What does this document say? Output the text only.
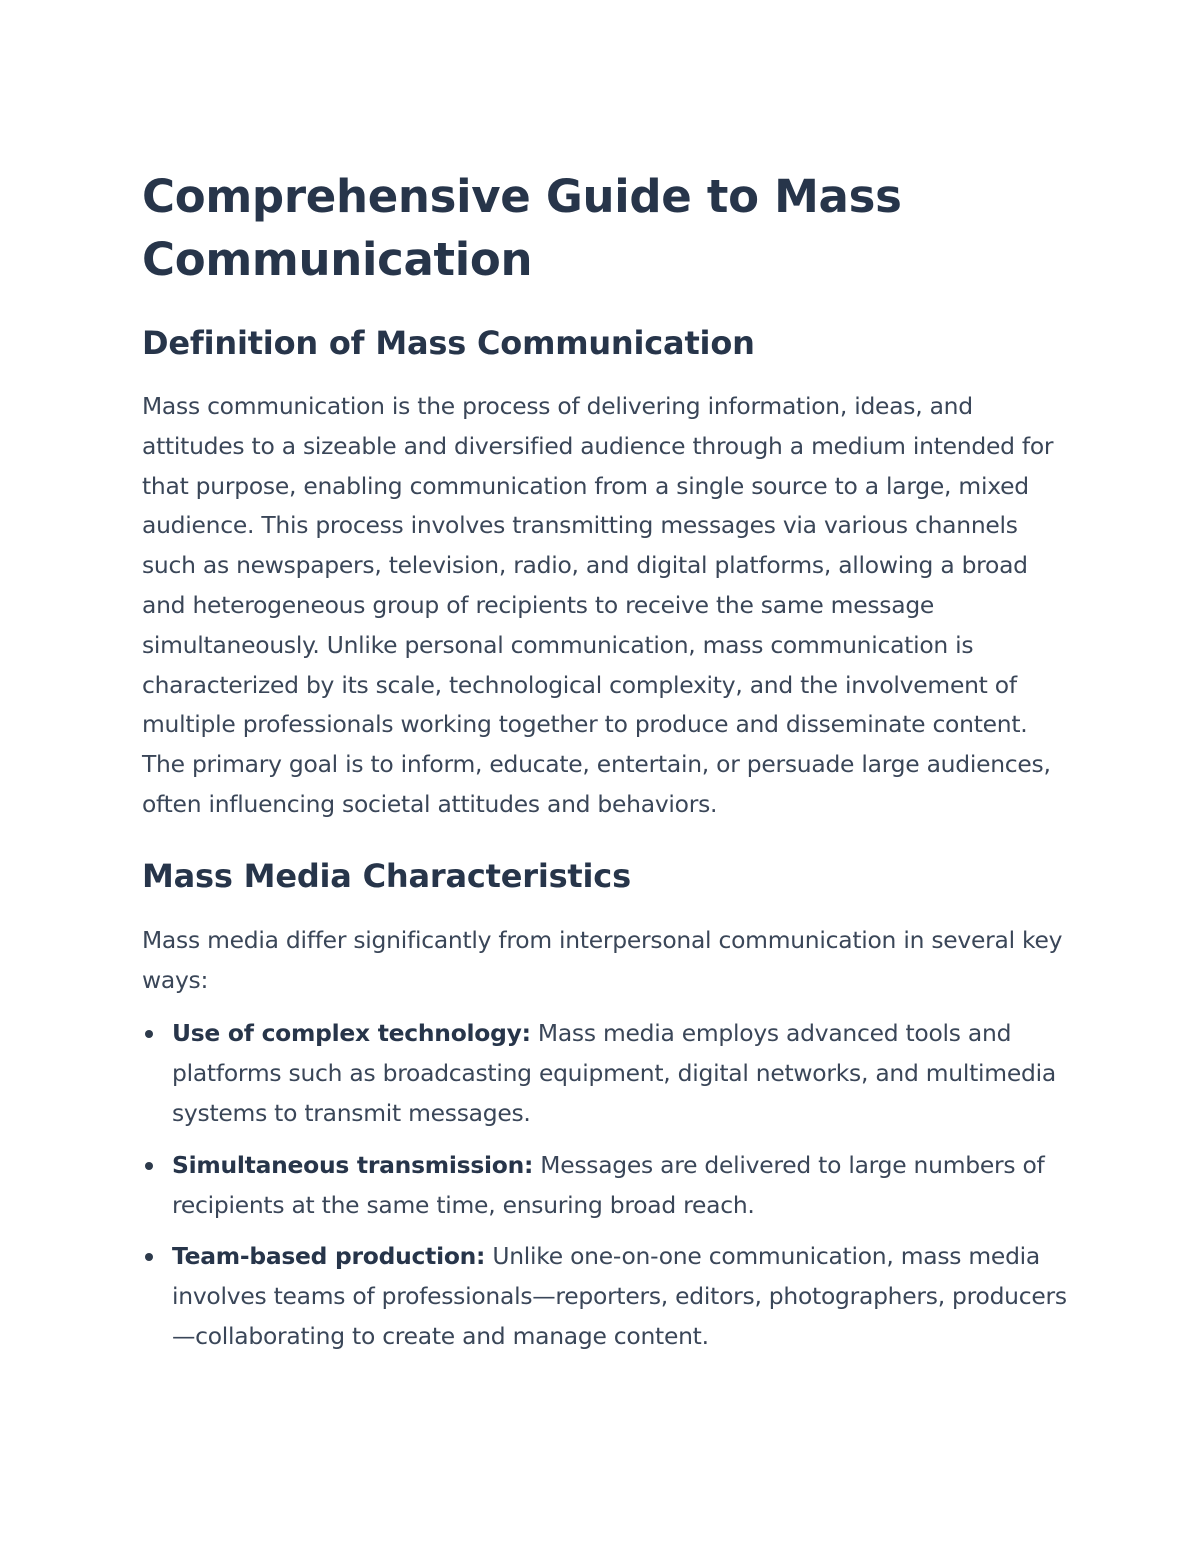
Comprehensive Guide to Mass Communication
Definition of Mass Communication

Mass communication is the process of delivering information, ideas, and attitudes to a sizeable and diversified audience through a medium intended for that purpose, enabling communication from a single source to a large, mixed audience. This process involves transmitting messages via various channels such as newspapers, television, radio, and digital platforms, allowing a broad and heterogeneous group of recipients to receive the same message simultaneously. Unlike personal communication, mass communication is characterized by its scale, technological complexity, and the involvement of multiple professionals working together to produce and disseminate content. The primary goal is to inform, educate, entertain, or persuade large audiences, often influencing societal attitudes and behaviors.

Mass Media Characteristics

Mass media differ significantly from interpersonal communication in several key ways:

Use of complex technology: Mass media employs advanced tools and platforms such as broadcasting equipment, digital networks, and multimedia systems to transmit messages.
Simultaneous transmission: Messages are delivered to large numbers of recipients at the same time, ensuring broad reach.
Team-based production: Unlike one-on-one communication, mass media involves teams of professionals—reporters, editors, photographers, producers—collaborating to create and manage content.
